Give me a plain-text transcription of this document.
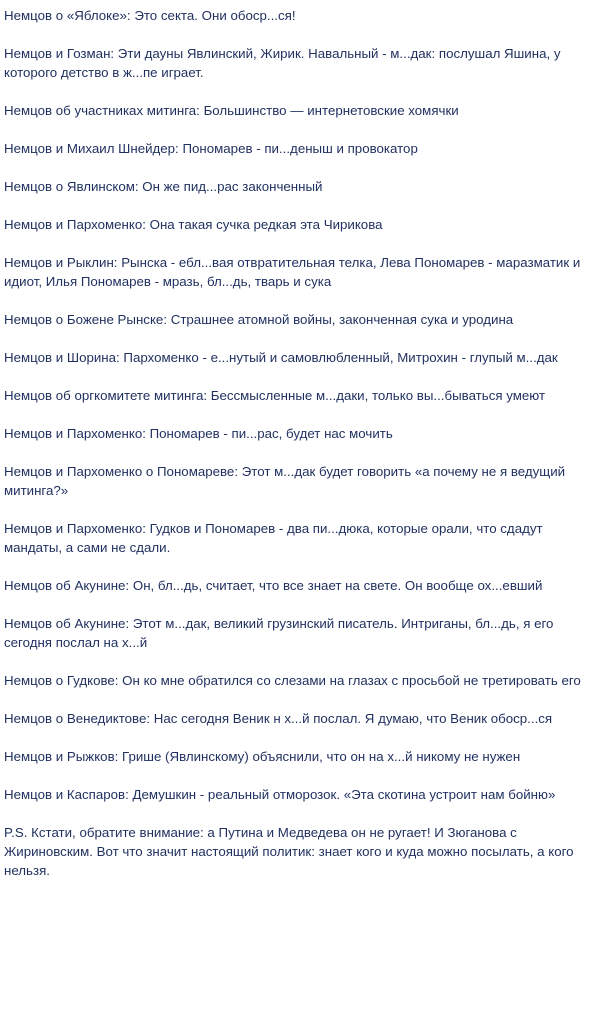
Немцов о «Яблоке»: Это секта. Они обоср...ся!

Немцов и Гозман: Эти дауны Явлинский, Жирик. Навальный - м...дак: послушал Яшина, у которого детство в ж...пе играет.

Немцов об участниках митинга: Большинство — интернетовские хомячки

Немцов и Михаил Шнейдер: Пономарев - пи...деныш и провокатор

Немцов о Явлинском: Он же пид...рас законченный

Немцов и Пархоменко: Она такая сучка редкая эта Чирикова

Немцов и Рыклин: Рынска - ебл...вая отвратительная телка, Лева Пономарев - маразматик и идиот, Илья Пономарев - мразь, бл...дь, тварь и сука

Немцов о Божене Рынске: Страшнее атомной войны, законченная сука и уродина

Немцов и Шорина: Пархоменко - е...нутый и самовлюбленный, Митрохин - глупый м...дак

Немцов об оргкомитете митинга: Бессмысленные м...даки, только вы...бываться умеют

Немцов и Пархоменко: Пономарев - пи...рас, будет нас мочить

Немцов и Пархоменко о Пономареве: Этот м...дак будет говорить «а почему не я ведущий митинга?»

Немцов и Пархоменко: Гудков и Пономарев - два пи...дюка, которые орали, что сдадут мандаты, а сами не сдали.

Немцов об Акунине: Он, бл...дь, считает, что все знает на свете. Он вообще ох...евший

Немцов об Акунине: Этот м...дак, великий грузинский писатель. Интриганы, бл...дь, я его сегодня послал на х...й

Немцов о Гудкове: Он ко мне обратился со слезами на глазах с просьбой не третировать его

Немцов о Венедиктове: Нас сегодня Веник н х...й послал. Я думаю, что Веник обоср...ся

Немцов и Рыжков: Грише (Явлинскому) объяснили, что он на х...й никому не нужен

Немцов и Каспаров: Демушкин - реальный отморозок. «Эта скотина устроит нам бойню»

P.S. Кстати, обратите внимание: а Путина и Медведева он не ругает! И Зюганова с Жириновским. Вот что значит настоящий политик: знает кого и куда можно посылать, а кого нельзя.
